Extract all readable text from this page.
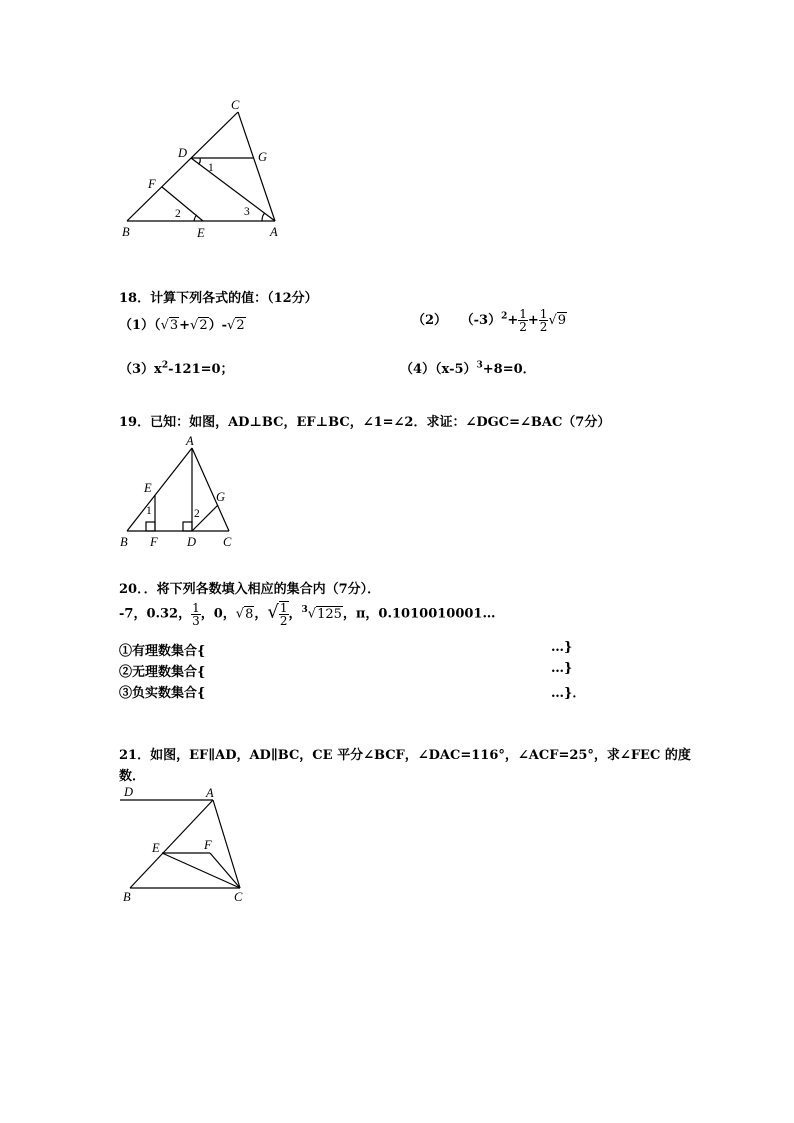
C
D	G
F
B	E	A
1
2	3
18．计算下列各式的值：（12分）
（1）（√3+√2）-√2	（2） $(-3)^2+ \frac{1}{2} + \frac{1}{2} √9$
$(3)x^2-121=0$；	$(4)(x-5)^3+8=0$．
19．已知：如图，AD⊥BC，EF⊥BC，∠1=∠2．求证：∠DGC=∠BAC（7分）
A
E
G
B F D C
1	2
20．．将下列各数填入相应的集合内（7分）．
-7，0.32， $\frac{1}{3}$ ，0，√8，√ $\frac{1}{2}$ ，$^3$√125，π，0.1010010001…
①有理数集合{	…}
②无理数集合{	…}
③负实数集合{	…}．
21．如图，EF∥AD，AD∥BC，CE 平分∠BCF，∠DAC=116°，∠ACF=25°，求∠FEC 的度
数．
D	A
E	F
B	C
